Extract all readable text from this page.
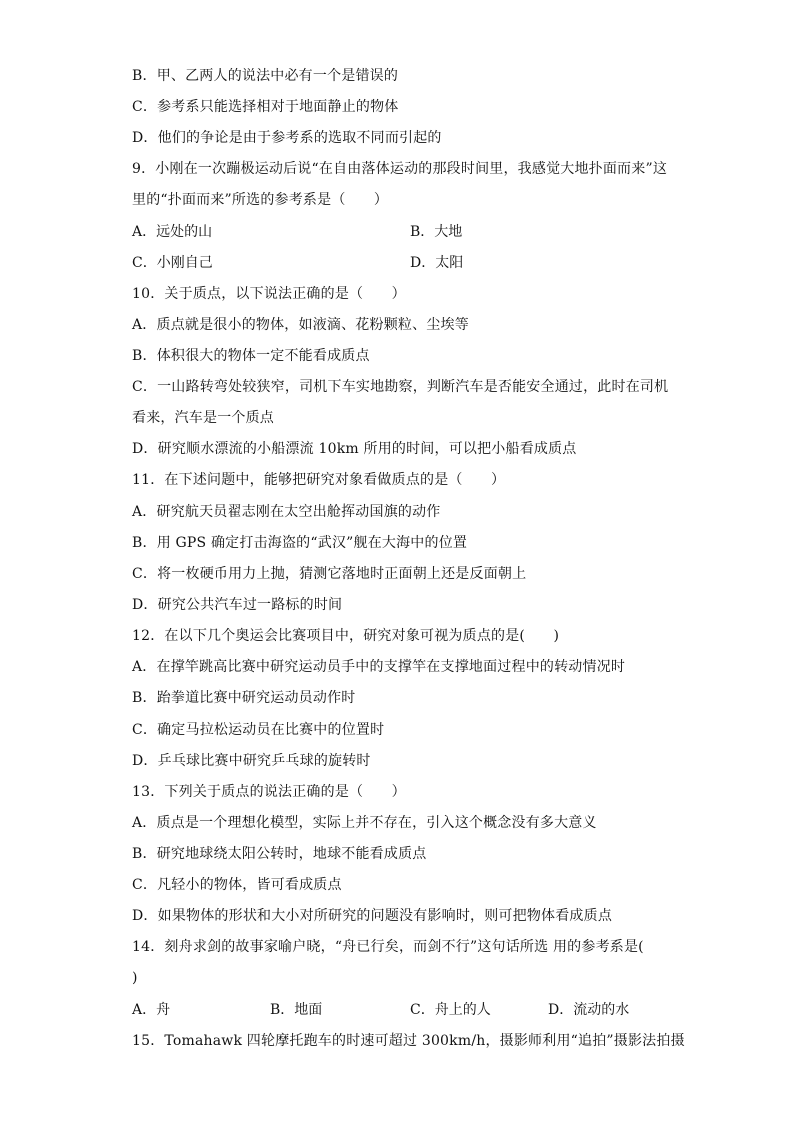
B．甲、乙两人的说法中必有一个是错误的
C．参考系只能选择相对于地面静止的物体
D．他们的争论是由于参考系的选取不同而引起的
9．小刚在一次蹦极运动后说“在自由落体运动的那段时间里，我感觉大地扑面而来”这
里的“扑面而来”所选的参考系是（　　）
A．远处的山	B．大地
C．小刚自己	D．太阳
10．关于质点，以下说法正确的是（　　）
A．质点就是很小的物体，如液滴、花粉颗粒、尘埃等
B．体积很大的物体一定不能看成质点
C．一山路转弯处较狭窄，司机下车实地勘察，判断汽车是否能安全通过，此时在司机
看来，汽车是一个质点
D．研究顺水漂流的小船漂流 10km 所用的时间，可以把小船看成质点
11．在下述问题中，能够把研究对象看做质点的是（　　）
A．研究航天员翟志刚在太空出舱挥动国旗的动作
B．用 GPS 确定打击海盗的“武汉”舰在大海中的位置
C．将一枚硬币用力上抛，猜测它落地时正面朝上还是反面朝上
D．研究公共汽车过一路标的时间
12．在以下几个奥运会比赛项目中，研究对象可视为质点的是(　　)
A．在撑竿跳高比赛中研究运动员手中的支撑竿在支撑地面过程中的转动情况时
B．跆拳道比赛中研究运动员动作时
C．确定马拉松运动员在比赛中的位置时
D．乒乓球比赛中研究乒乓球的旋转时
13．下列关于质点的说法正确的是（　　）
A．质点是一个理想化模型，实际上并不存在，引入这个概念没有多大意义
B．研究地球绕太阳公转时，地球不能看成质点
C．凡轻小的物体，皆可看成质点
D．如果物体的形状和大小对所研究的问题没有影响时，则可把物体看成质点
14．刻舟求剑的故事家喻户晓，“舟已行矣，而剑不行”这句话所选 用的参考系是(
)
A．舟	B．地面	C．舟上的人	D．流动的水
15．Tomahawk 四轮摩托跑车的时速可超过 300km/h，摄影师利用“追拍”摄影法拍摄
